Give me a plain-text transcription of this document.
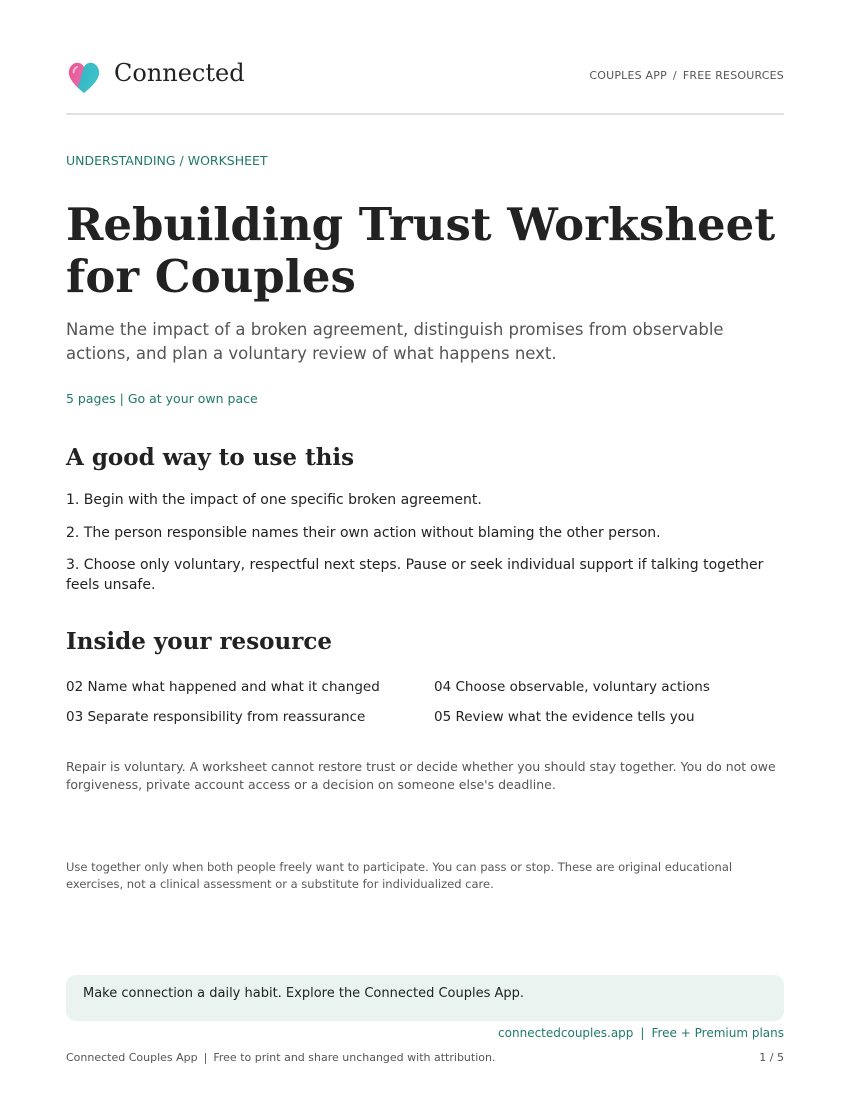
Connected	COUPLES APP / FREE RESOURCES
UNDERSTANDING / WORKSHEET
Rebuilding Trust Worksheet for Couples

Name the impact of a broken agreement, distinguish promises from observable actions, and plan a voluntary review of what happens next.

5 pages | Go at your own pace
A good way to use this

1. Begin with the impact of one specific broken agreement.

2. The person responsible names their own action without blaming the other person.

3. Choose only voluntary, respectful next steps. Pause or seek individual support if talking together feels unsafe.

Inside your resource
02 Name what happened and what it changed	04 Choose observable, voluntary actions
03 Separate responsibility from reassurance	05 Review what the evidence tells you

Repair is voluntary. A worksheet cannot restore trust or decide whether you should stay together. You do not owe forgiveness, private account access or a decision on someone else's deadline.

Use together only when both people freely want to participate. You can pass or stop. These are original educational exercises, not a clinical assessment or a substitute for individualized care.

Make connection a daily habit. Explore the Connected Couples App.
connectedcouples.app | Free + Premium plans
Connected Couples App | Free to print and share unchanged with attribution.	1 / 5
